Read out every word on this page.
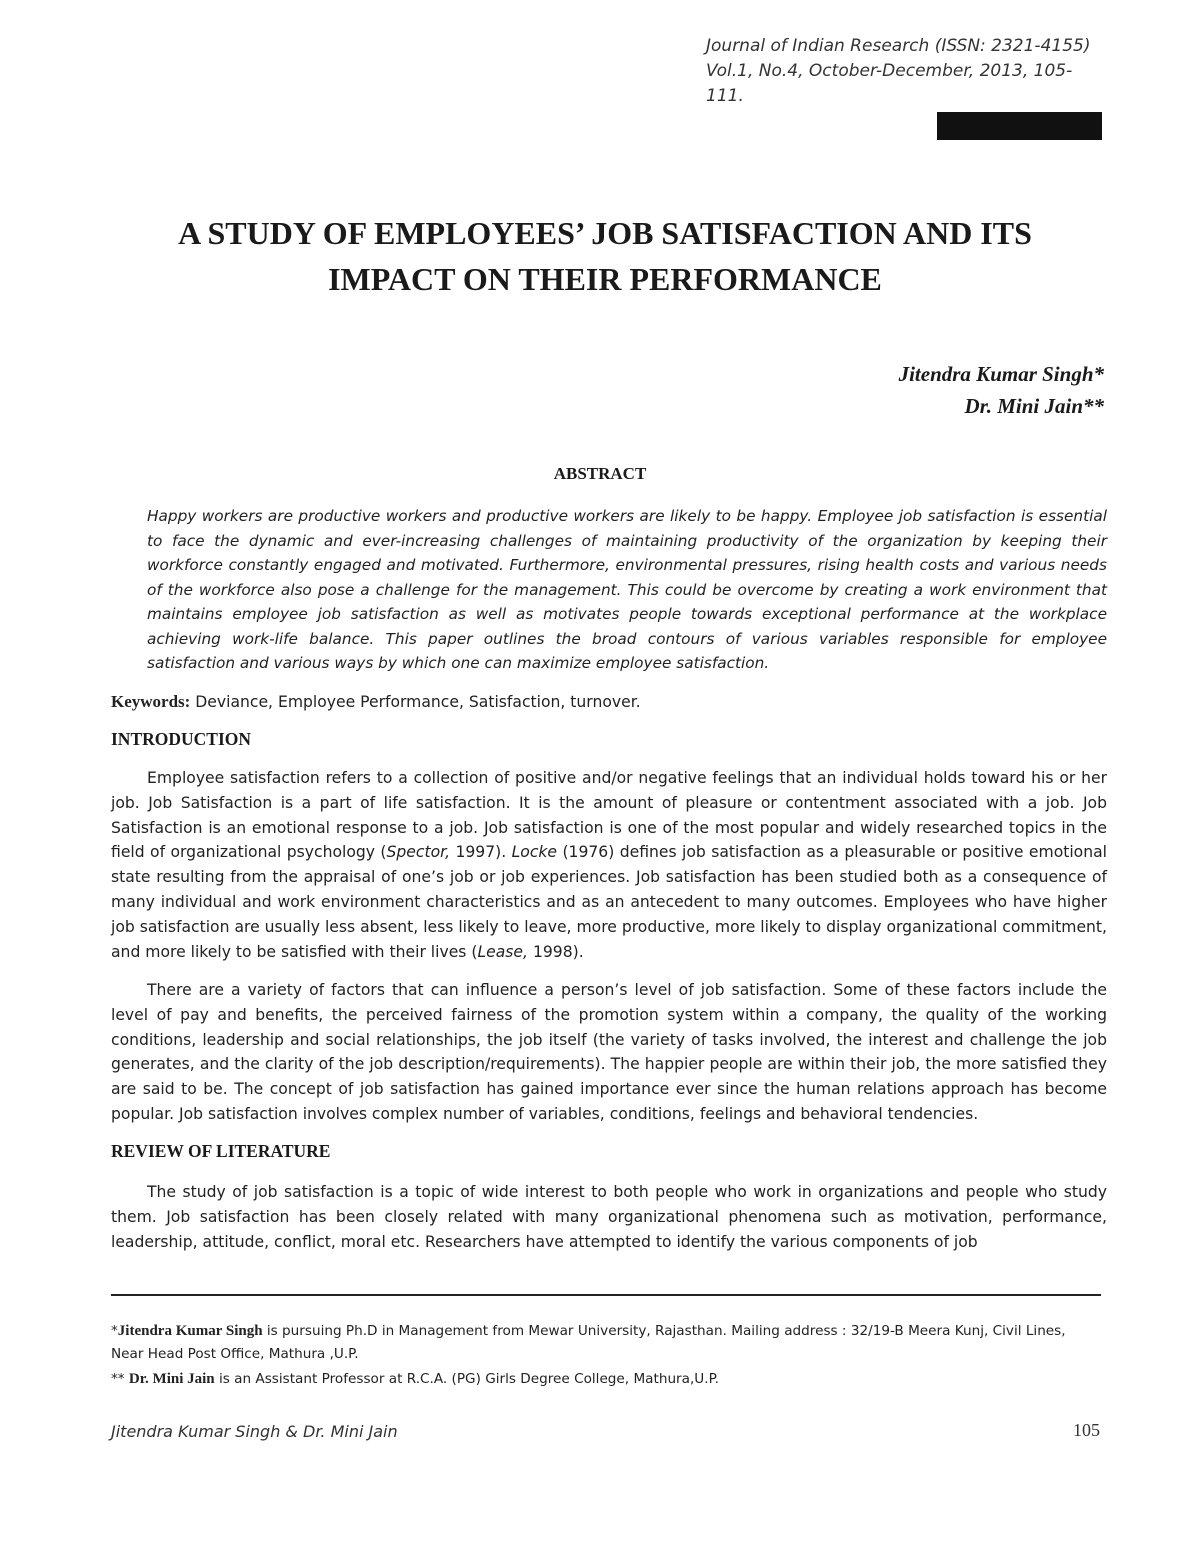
Journal of Indian Research (ISSN: 2321-4155)
Vol.1, No.4, October-December, 2013, 105-
111.
A STUDY OF EMPLOYEES’ JOB SATISFACTION AND ITS
IMPACT ON THEIR PERFORMANCE
Jitendra Kumar Singh*
Dr. Mini Jain**
ABSTRACT

Happy workers are productive workers and productive workers are likely to be happy. Employee job satisfaction is essential to face the dynamic and ever-increasing challenges of maintaining productivity of the organization by keeping their workforce constantly engaged and motivated. Furthermore, environmental pressures, rising health costs and various needs of the workforce also pose a challenge for the management. This could be overcome by creating a work environment that maintains employee job satisfaction as well as motivates people towards exceptional performance at the workplace achieving work-life balance. This paper outlines the broad contours of various variables responsible for employee satisfaction and various ways by which one can maximize employee satisfaction.

Keywords: Deviance, Employee Performance, Satisfaction, turnover.

INTRODUCTION

Employee satisfaction refers to a collection of positive and/or negative feelings that an individual holds toward his or her job. Job Satisfaction is a part of life satisfaction. It is the amount of pleasure or contentment associated with a job. Job Satisfaction is an emotional response to a job. Job satisfaction is one of the most popular and widely researched topics in the field of organizational psychology (Spector, 1997). Locke (1976) defines job satisfaction as a pleasurable or positive emotional state resulting from the appraisal of one’s job or job experiences. Job satisfaction has been studied both as a consequence of many individual and work environment characteristics and as an antecedent to many outcomes. Employees who have higher job satisfaction are usually less absent, less likely to leave, more productive, more likely to display organizational commitment, and more likely to be satisfied with their lives (Lease, 1998).

There are a variety of factors that can influence a person’s level of job satisfaction. Some of these factors include the level of pay and benefits, the perceived fairness of the promotion system within a company, the quality of the working conditions, leadership and social relationships, the job itself (the variety of tasks involved, the interest and challenge the job generates, and the clarity of the job description/requirements). The happier people are within their job, the more satisfied they are said to be. The concept of job satisfaction has gained importance ever since the human relations approach has become popular. Job satisfaction involves complex number of variables, conditions, feelings and behavioral tendencies.

REVIEW OF LITERATURE

The study of job satisfaction is a topic of wide interest to both people who work in organizations and people who study them. Job satisfaction has been closely related with many organizational phenomena such as motivation, performance, leadership, attitude, conflict, moral etc. Researchers have attempted to identify the various components of job

*Jitendra Kumar Singh is pursuing Ph.D in Management from Mewar University, Rajasthan. Mailing address : 32/19-B Meera Kunj, Civil Lines, Near Head Post Office, Mathura ,U.P.

** Dr. Mini Jain is an Assistant Professor at R.C.A. (PG) Girls Degree College, Mathura,U.P.

Jitendra Kumar Singh & Dr. Mini Jain	105
